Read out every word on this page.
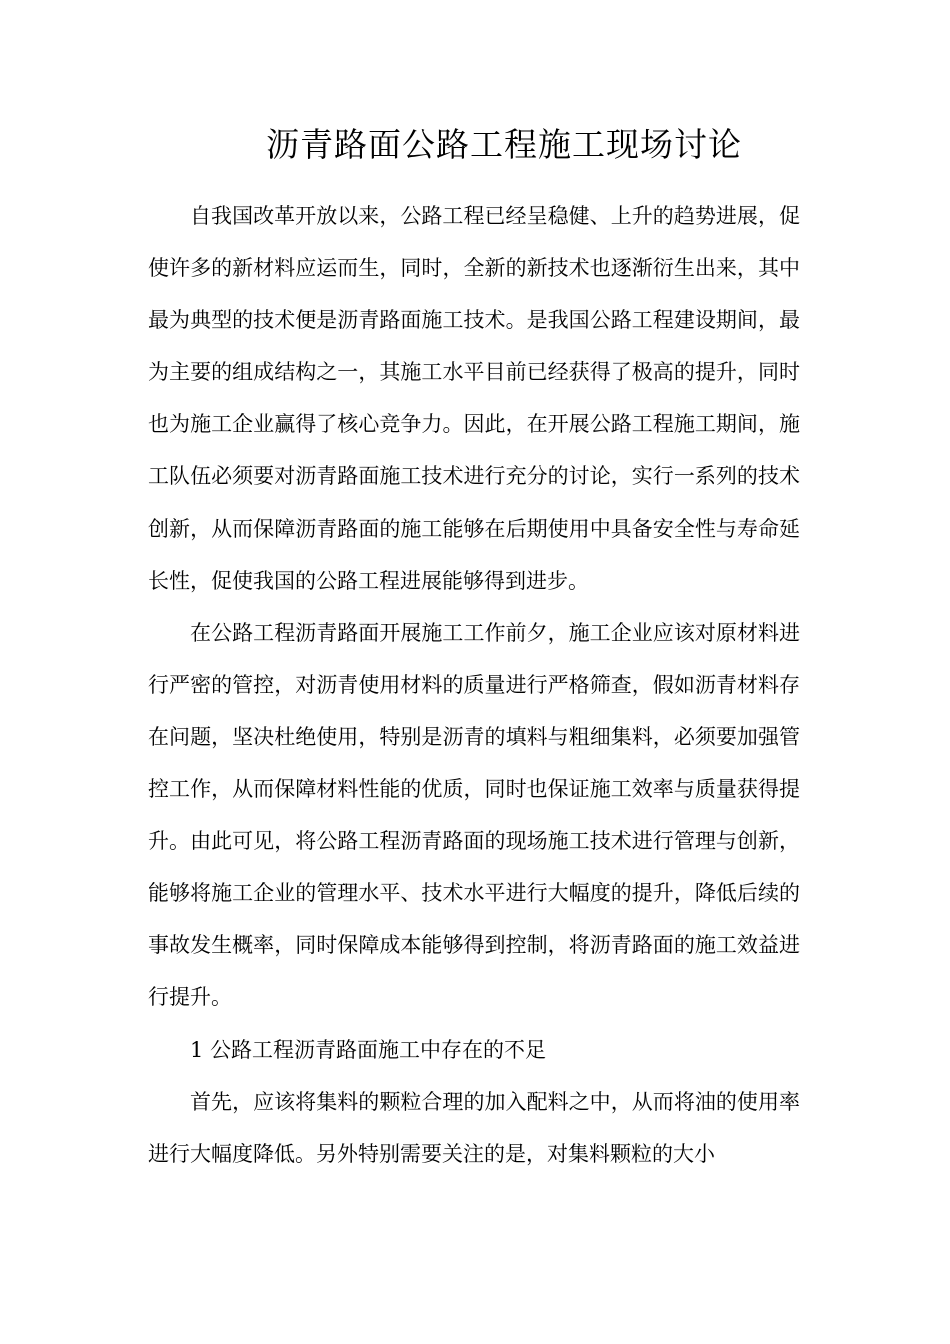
沥青路面公路工程施工现场讨论

自我国改革开放以来，公路工程已经呈稳健、上升的趋势进展，促使许多的新材料应运而生，同时，全新的新技术也逐渐衍生出来，其中最为典型的技术便是沥青路面施工技术。是我国公路工程建设期间，最为主要的组成结构之一，其施工水平目前已经获得了极高的提升，同时也为施工企业赢得了核心竞争力。因此，在开展公路工程施工期间，施工队伍必须要对沥青路面施工技术进行充分的讨论，实行一系列的技术创新，从而保障沥青路面的施工能够在后期使用中具备安全性与寿命延长性，促使我国的公路工程进展能够得到进步。

在公路工程沥青路面开展施工工作前夕，施工企业应该对原材料进行严密的管控，对沥青使用材料的质量进行严格筛查，假如沥青材料存在问题，坚决杜绝使用，特别是沥青的填料与粗细集料，必须要加强管控工作，从而保障材料性能的优质，同时也保证施工效率与质量获得提升。由此可见，将公路工程沥青路面的现场施工技术进行管理与创新，能够将施工企业的管理水平、技术水平进行大幅度的提升，降低后续的事故发生概率，同时保障成本能够得到控制，将沥青路面的施工效益进行提升。

1 公路工程沥青路面施工中存在的不足

首先，应该将集料的颗粒合理的加入配料之中，从而将油的使用率进行大幅度降低。另外特别需要关注的是，对集料颗粒的大小
